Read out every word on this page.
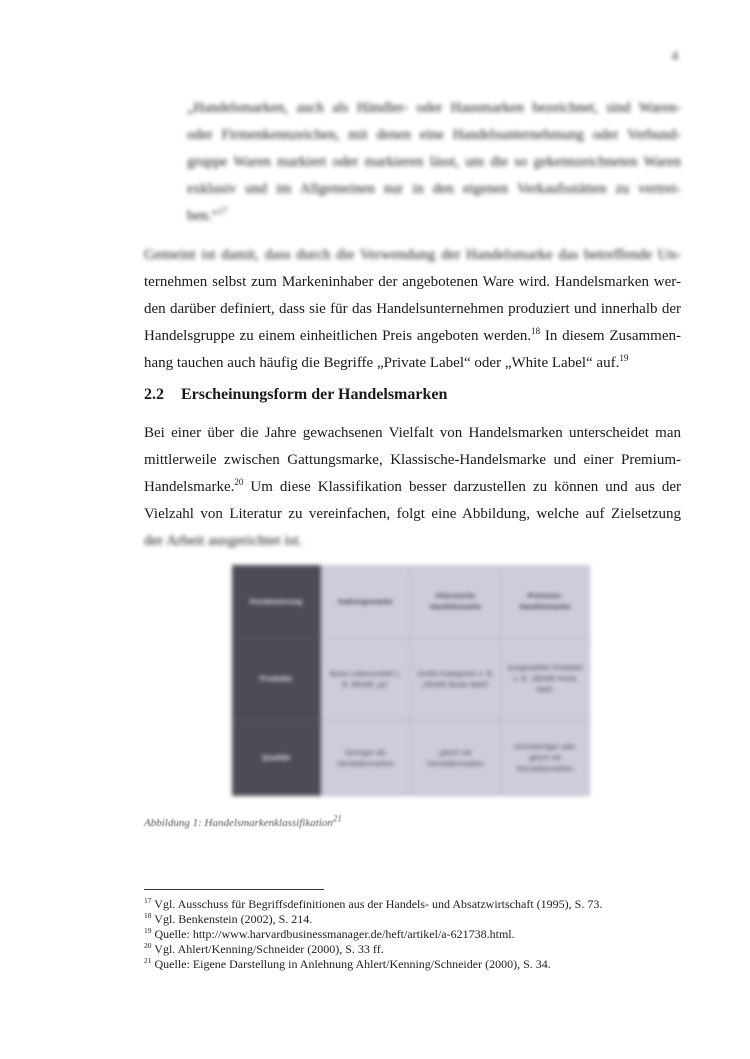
4
„Handelsmarken, auch als Händler- oder Hausmarken bezeichnet, sind Waren-
oder Firmenkennzeichen, mit denen eine Handelsunternehmung oder Verbund-
gruppe Waren markiert oder markieren lässt, um die so gekennzeichneten Waren
exklusiv und im Allgemeinen nur in den eigenen Verkaufsstätten zu vertrei-
ben.“$^{17}$
Gemeint ist damit, dass durch die Verwendung der Handelsmarke das betreffende Un-
ternehmen selbst zum Markeninhaber der angebotenen Ware wird. Handelsmarken wer-
den darüber definiert, dass sie für das Handelsunternehmen produziert und innerhalb der
Handelsgruppe zu einem einheitlichen Preis angeboten werden.$^{18}$ In diesem Zusammen-
hang tauchen auch häufig die Begriffe „Private Label“ oder „White Label“ auf.$^{19}$
2.2 Erscheinungsform der Handelsmarken
Bei einer über die Jahre gewachsenen Vielfalt von Handelsmarken unterscheidet man
mittlerweile zwischen Gattungsmarke, Klassische-Handelsmarke und einer Premium-
Handelsmarke.$^{20}$ Um diese Klassifikation besser darzustellen zu können und aus der
Vielzahl von Literatur zu vereinfachen, folgt eine Abbildung, welche auf Zielsetzung
der Arbeit ausgerichtet ist.
Positionierung	Gattungsmarke
Klassische Handelsmarke
Premium-Handelsmarke
Produkte
Basis-Lebensmittel z. B. REWE „ja!“
Große Kategorien z. B. „REWE Beste Wahl“
Ausgewählte Produkte z. B. „REWE Feine Welt“
Qualität
Geringer als Herstellermarken
gleich mit Herstellermarken
Hochwertiger oder gleich mit Herstellermarken
Abbildung 1: Handelsmarkenklassifikation$^{21}$
$^{17}$ Vgl. Ausschuss für Begriffsdefinitionen aus der Handels- und Absatzwirtschaft (1995), S. 73.
$^{18}$ Vgl. Benkenstein (2002), S. 214.
$^{19}$ Quelle: http://www.harvardbusinessmanager.de/heft/artikel/a-621738.html.
$^{20}$ Vgl. Ahlert/Kenning/Schneider (2000), S. 33 ff.
$^{21}$ Quelle: Eigene Darstellung in Anlehnung Ahlert/Kenning/Schneider (2000), S. 34.
